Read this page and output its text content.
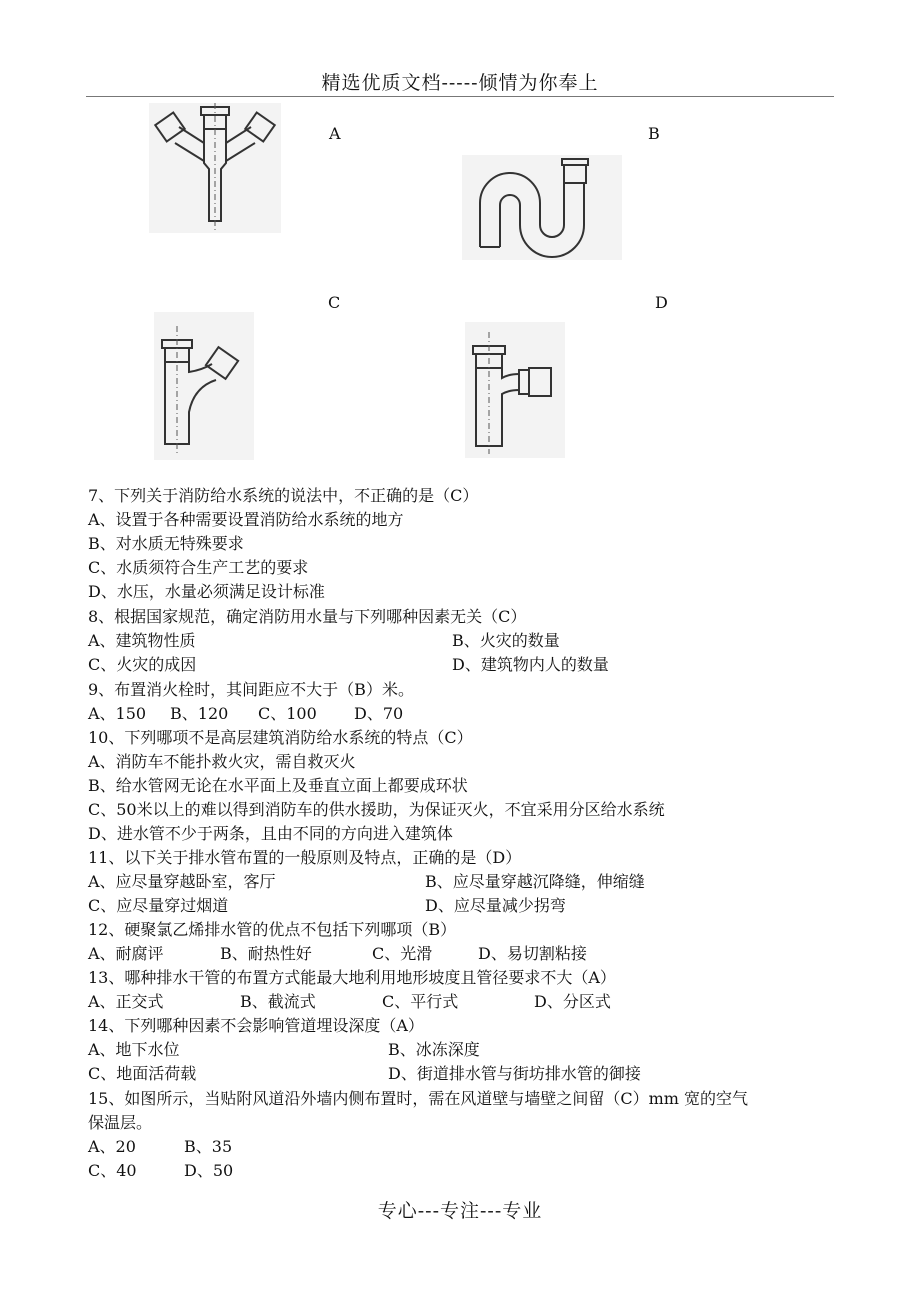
精选优质文档-----倾情为你奉上
A	B
C	D
7、下列关于消防给水系统的说法中，不正确的是（C）
A、设置于各种需要设置消防给水系统的地方
B、对水质无特殊要求
C、水质须符合生产工艺的要求
D、水压，水量必须满足设计标准
8、根据国家规范，确定消防用水量与下列哪种因素无关（C）
A、建筑物性质	B、火灾的数量
C、火灾的成因	D、建筑物内人的数量
9、布置消火栓时，其间距应不大于（B）米。
A、150 B、120 C、100 D、70
10、下列哪项不是高层建筑消防给水系统的特点（C）
A、消防车不能扑救火灾，需自救灭火
B、给水管网无论在水平面上及垂直立面上都要成环状
C、50米以上的难以得到消防车的供水援助，为保证灭火，不宜采用分区给水系统
D、进水管不少于两条，且由不同的方向进入建筑体
11、以下关于排水管布置的一般原则及特点，正确的是（D）
A、应尽量穿越卧室，客厅	B、应尽量穿越沉降缝，伸缩缝
C、应尽量穿过烟道	D、应尽量减少拐弯
12、硬聚氯乙烯排水管的优点不包括下列哪项（B）
A、耐腐评	B、耐热性好	C、光滑	D、易切割粘接
13、哪种排水干管的布置方式能最大地利用地形坡度且管径要求不大（A）
A、正交式	B、截流式	C、平行式	D、分区式
14、下列哪种因素不会影响管道埋设深度（A）
A、地下水位	B、冰冻深度
C、地面活荷载	D、街道排水管与街坊排水管的御接
15、如图所示，当贴附风道沿外墙内侧布置时，需在风道壁与墙壁之间留（C）mm 宽的空气
保温层。
A、20	B、35
C、40	D、50
专心---专注---专业
